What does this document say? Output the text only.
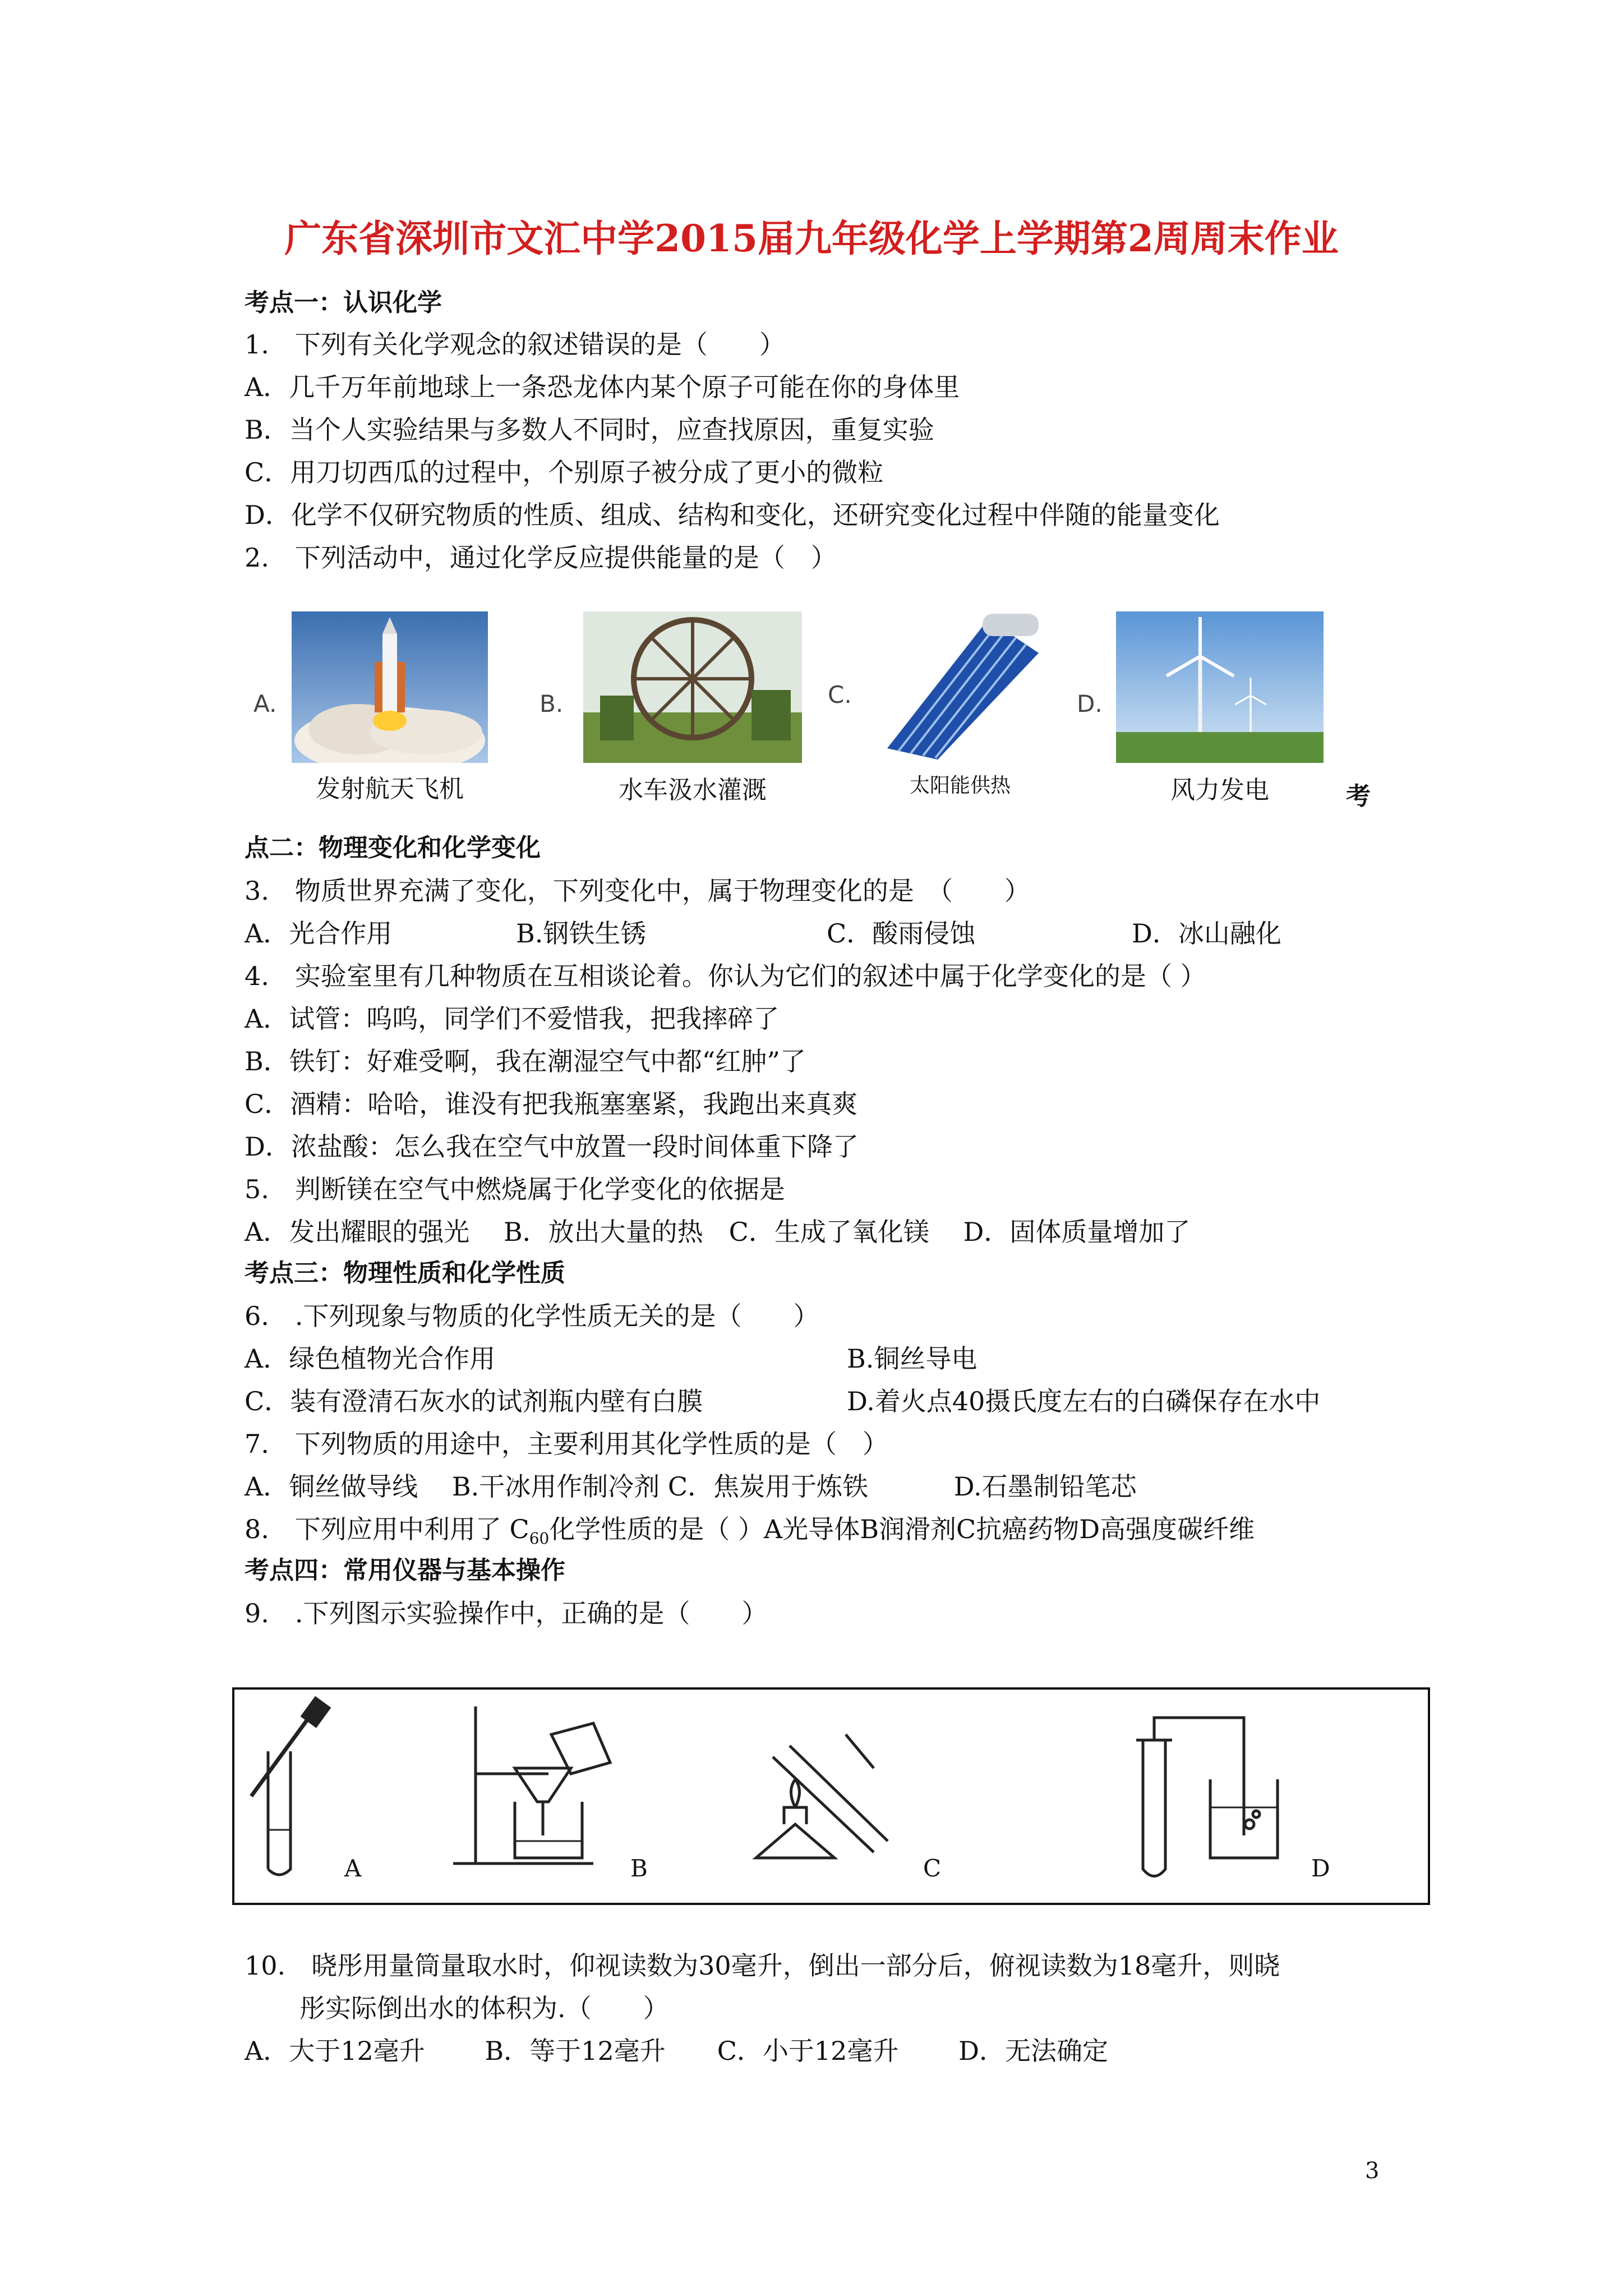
广东省深圳市文汇中学2015届九年级化学上学期第2周周末作业
考点一：认识化学
1.　下列有关化学观念的叙述错误的是（　　）
A．几千万年前地球上一条恐龙体内某个原子可能在你的身体里
B．当个人实验结果与多数人不同时，应查找原因，重复实验
C．用刀切西瓜的过程中，个别原子被分成了更小的微粒
D．化学不仅研究物质的性质、组成、结构和变化，还研究变化过程中伴随的能量变化
2.　下列活动中，通过化学反应提供能量的是（　）
A.
发射航天飞机
B.
水车汲水灌溉
C.
太阳能供热
D.
风力发电	考
点二：物理变化和化学变化
3.　物质世界充满了变化，下列变化中，属于物理变化的是　（　　）
A．光合作用	B.钢铁生锈	C．酸雨侵蚀	D．冰山融化
4.　实验室里有几种物质在互相谈论着。你认为它们的叙述中属于化学变化的是（ ）
A．试管：呜呜，同学们不爱惜我，把我摔碎了
B．铁钉：好难受啊，我在潮湿空气中都“红肿”了
C．酒精：哈哈，谁没有把我瓶塞塞紧，我跑出来真爽
D．浓盐酸：怎么我在空气中放置一段时间体重下降了
5.　判断镁在空气中燃烧属于化学变化的依据是
A．发出耀眼的强光　 B．放出大量的热　C．生成了氧化镁　 D．固体质量增加了
考点三：物理性质和化学性质
6.　.下列现象与物质的化学性质无关的是（　　）
A．绿色植物光合作用	B.铜丝导电
C．装有澄清石灰水的试剂瓶内壁有白膜	D.着火点40摄氏度左右的白磷保存在水中
7.　下列物质的用途中，主要利用其化学性质的是（　）
A．铜丝做导线　 B.干冰用作制冷剂 C．焦炭用于炼铁　　　 D.石墨制铅笔芯
8.　下列应用中利用了 $C_{60}$化学性质的是（ ）A光导体B润滑剂C抗癌药物D高强度碳纤维
考点四：常用仪器与基本操作
9.　.下列图示实验操作中，正确的是（　　）
A	B	C	D
10.　晓彤用量筒量取水时，仰视读数为30毫升，倒出一部分后，俯视读数为18毫升，则晓
彤实际倒出水的体积为.（　　）
A．大于12毫升　　 B．等于12毫升　　C．小于12毫升　　 D．无法确定
3
